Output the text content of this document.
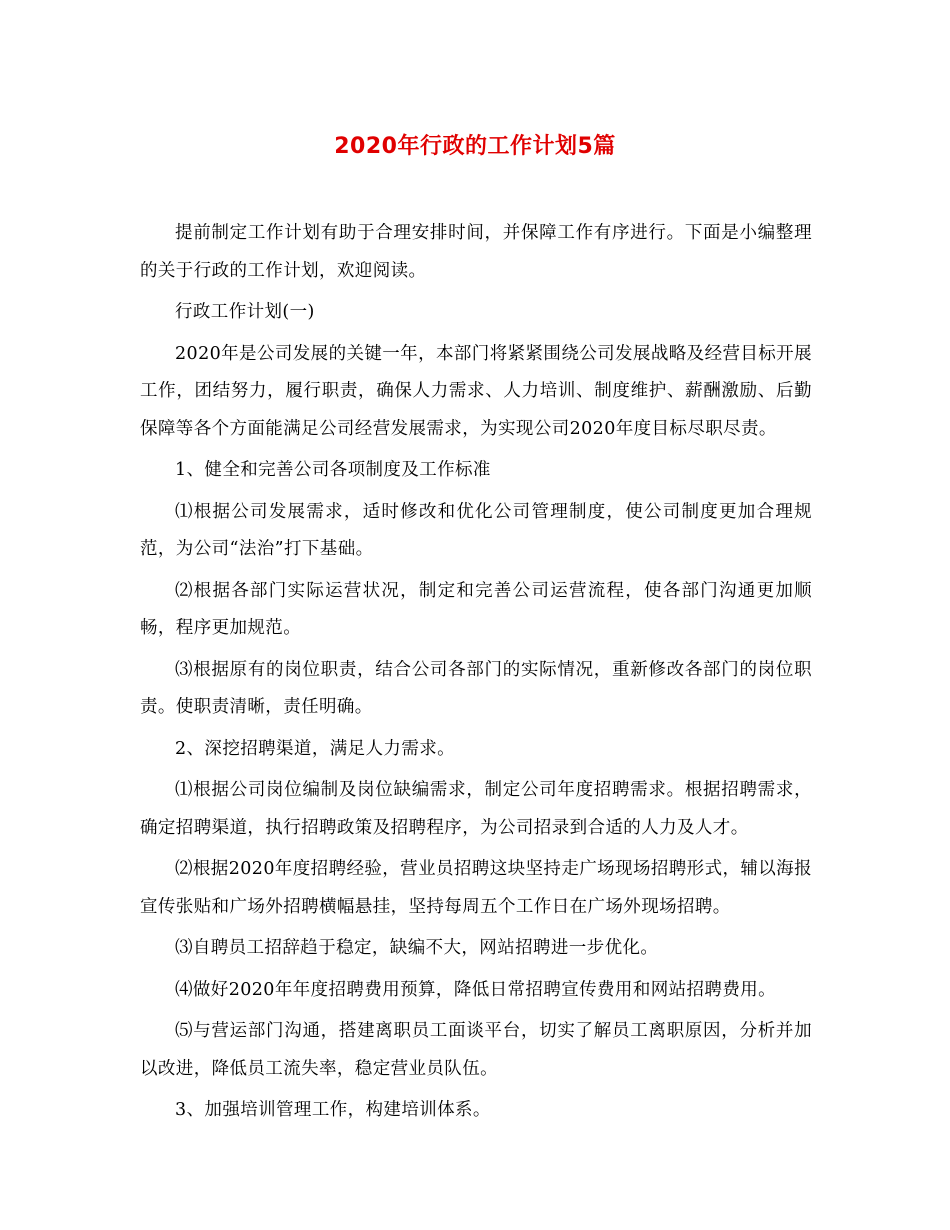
2020年行政的工作计划5篇

提前制定工作计划有助于合理安排时间，并保障工作有序进行。下面是小编整理的关于行政的工作计划，欢迎阅读。

行政工作计划(一)

2020年是公司发展的关键一年，本部门将紧紧围绕公司发展战略及经营目标开展工作，团结努力，履行职责，确保人力需求、人力培训、制度维护、薪酬激励、后勤保障等各个方面能满足公司经营发展需求，为实现公司2020年度目标尽职尽责。

1、健全和完善公司各项制度及工作标准

⑴根据公司发展需求，适时修改和优化公司管理制度，使公司制度更加合理规范，为公司“法治”打下基础。

⑵根据各部门实际运营状况，制定和完善公司运营流程，使各部门沟通更加顺畅，程序更加规范。

⑶根据原有的岗位职责，结合公司各部门的实际情况，重新修改各部门的岗位职责。使职责清晰，责任明确。

2、深挖招聘渠道，满足人力需求。

⑴根据公司岗位编制及岗位缺编需求，制定公司年度招聘需求。根据招聘需求，确定招聘渠道，执行招聘政策及招聘程序，为公司招录到合适的人力及人才。

⑵根据2020年度招聘经验，营业员招聘这块坚持走广场现场招聘形式，辅以海报宣传张贴和广场外招聘横幅悬挂，坚持每周五个工作日在广场外现场招聘。

⑶自聘员工招辞趋于稳定，缺编不大，网站招聘进一步优化。

⑷做好2020年年度招聘费用预算，降低日常招聘宣传费用和网站招聘费用。

⑸与营运部门沟通，搭建离职员工面谈平台，切实了解员工离职原因，分析并加以改进，降低员工流失率，稳定营业员队伍。

3、加强培训管理工作，构建培训体系。
